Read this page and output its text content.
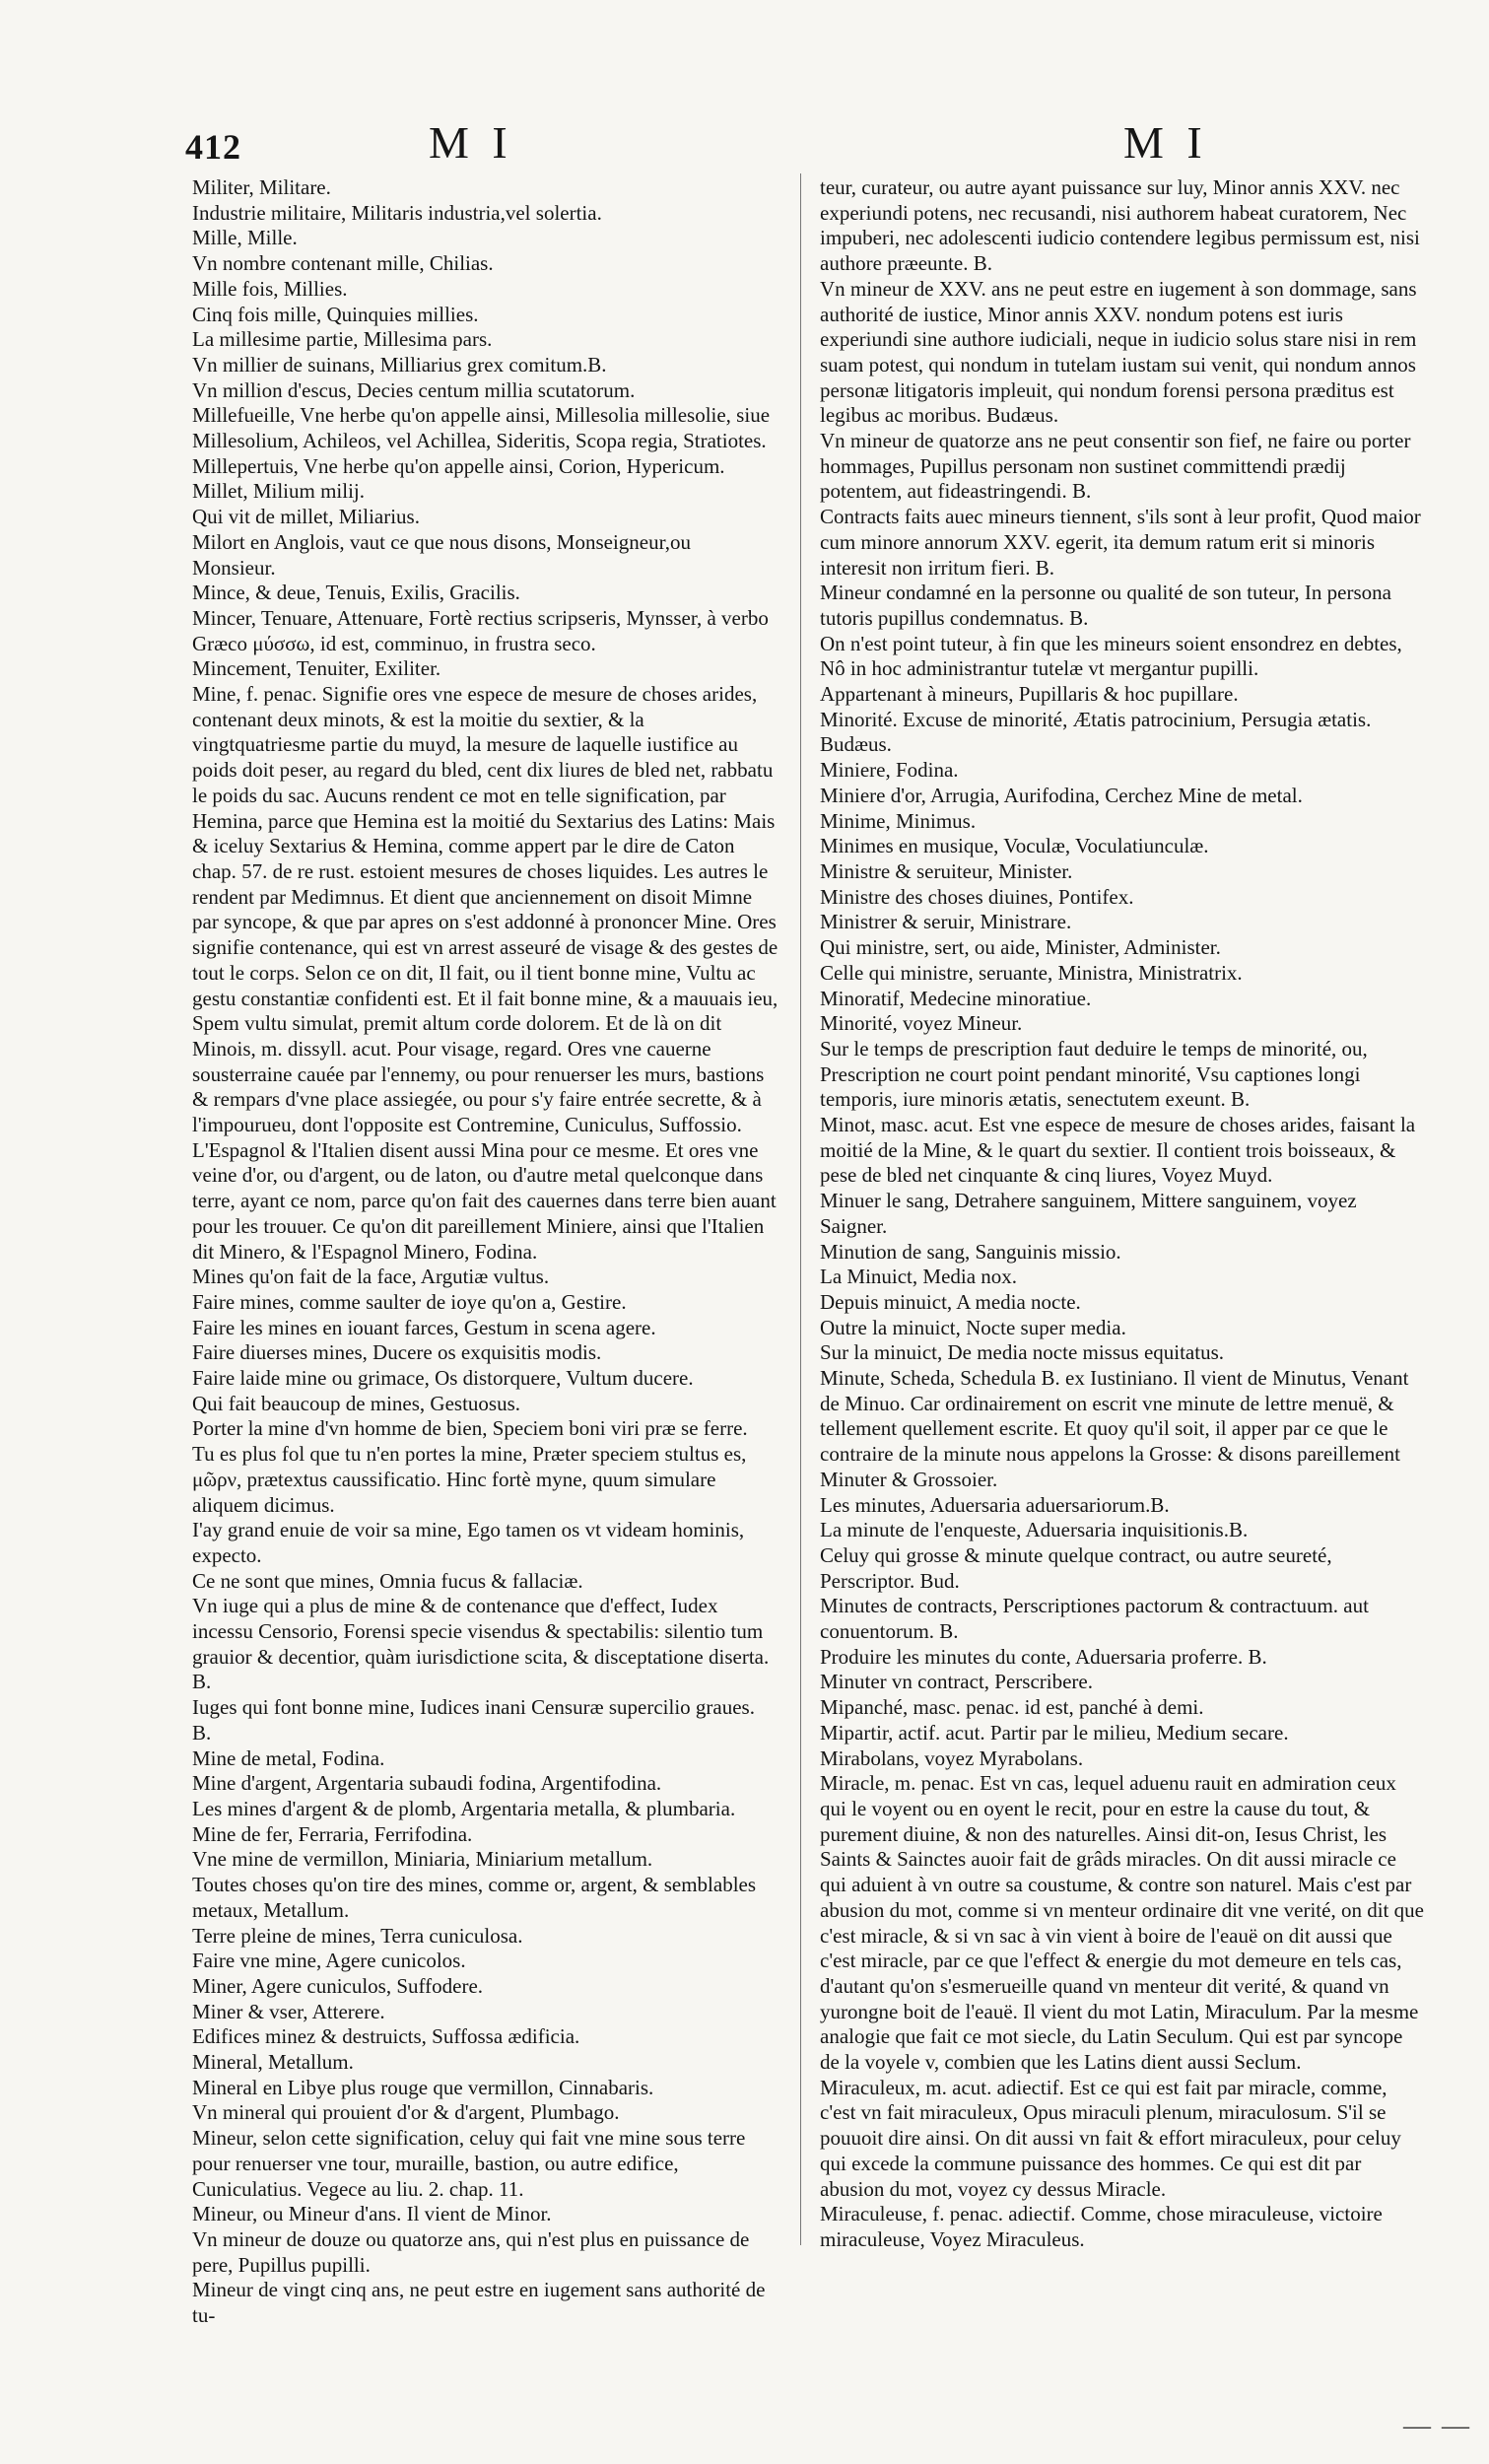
412	M I	M I

Militer, Militare.

Industrie militaire, Militaris industria,vel solertia.

Mille, Mille.

Vn nombre contenant mille, Chilias.

Mille fois, Millies.

Cinq fois mille, Quinquies millies.

La millesime partie, Millesima pars.

Vn millier de suinans, Milliarius grex comitum.B.

Vn million d'escus, Decies centum millia scutatorum.

Millefueille, Vne herbe qu'on appelle ainsi, Millesolia millesolie, siue Millesolium, Achileos, vel Achillea, Sideritis, Scopa regia, Stratiotes.

Millepertuis, Vne herbe qu'on appelle ainsi, Corion, Hypericum.

Millet, Milium milij.

Qui vit de millet, Miliarius.

Milort en Anglois, vaut ce que nous disons, Monseigneur,ou Monsieur.

Mince, & deue, Tenuis, Exilis, Gracilis.

Mincer, Tenuare, Attenuare, Fortè rectius scripseris, Mynsser, à verbo Græco μύσσω, id est, comminuo, in frustra seco.

Mincement, Tenuiter, Exiliter.

Mine, f. penac. Signifie ores vne espece de mesure de choses arides, contenant deux minots, & est la moitie du sextier, & la vingtquatriesme partie du muyd, la mesure de laquelle iustifice au poids doit peser, au regard du bled, cent dix liures de bled net, rabbatu le poids du sac. Aucuns rendent ce mot en telle signification, par Hemina, parce que Hemina est la moitié du Sextarius des Latins: Mais & iceluy Sextarius & Hemina, comme appert par le dire de Caton chap. 57. de re rust. estoient mesures de choses liquides. Les autres le rendent par Medimnus. Et dient que anciennement on disoit Mimne par syncope, & que par apres on s'est addonné à prononcer Mine. Ores signifie contenance, qui est vn arrest asseuré de visage & des gestes de tout le corps. Selon ce on dit, Il fait, ou il tient bonne mine, Vultu ac gestu constantiæ confidenti est. Et il fait bonne mine, & a mauuais ieu, Spem vultu simulat, premit altum corde dolorem. Et de là on dit Minois, m. dissyll. acut. Pour visage, regard. Ores vne cauerne sousterraine cauée par l'ennemy, ou pour renuerser les murs, bastions & rempars d'vne place assiegée, ou pour s'y faire entrée secrette, & à l'impourueu, dont l'opposite est Contremine, Cuniculus, Suffossio. L'Espagnol & l'Italien disent aussi Mina pour ce mesme. Et ores vne veine d'or, ou d'argent, ou de laton, ou d'autre metal quelconque dans terre, ayant ce nom, parce qu'on fait des cauernes dans terre bien auant pour les trouuer. Ce qu'on dit pareillement Miniere, ainsi que l'Italien dit Minero, & l'Espagnol Minero, Fodina.

Mines qu'on fait de la face, Argutiæ vultus.

Faire mines, comme saulter de ioye qu'on a, Gestire.

Faire les mines en iouant farces, Gestum in scena agere.

Faire diuerses mines, Ducere os exquisitis modis.

Faire laide mine ou grimace, Os distorquere, Vultum ducere.

Qui fait beaucoup de mines, Gestuosus.

Porter la mine d'vn homme de bien, Speciem boni viri præ se ferre.

Tu es plus fol que tu n'en portes la mine, Præter speciem stultus es, μῶρν, prætextus caussificatio. Hinc fortè myne, quum simulare aliquem dicimus.

I'ay grand enuie de voir sa mine, Ego tamen os vt videam hominis, expecto.

Ce ne sont que mines, Omnia fucus & fallaciæ.

Vn iuge qui a plus de mine & de contenance que d'effect, Iudex incessu Censorio, Forensi specie visendus & spectabilis: silentio tum grauior & decentior, quàm iurisdictione scita, & disceptatione diserta. B.

Iuges qui font bonne mine, Iudices inani Censuræ supercilio graues. B.

Mine de metal, Fodina.

Mine d'argent, Argentaria subaudi fodina, Argentifodina.

Les mines d'argent & de plomb, Argentaria metalla, & plumbaria.

Mine de fer, Ferraria, Ferrifodina.

Vne mine de vermillon, Miniaria, Miniarium metallum.

Toutes choses qu'on tire des mines, comme or, argent, & semblables metaux, Metallum.

Terre pleine de mines, Terra cuniculosa.

Faire vne mine, Agere cunicolos.

Miner, Agere cuniculos, Suffodere.

Miner & vser, Atterere.

Edifices minez & destruicts, Suffossa ædificia.

Mineral, Metallum.

Mineral en Libye plus rouge que vermillon, Cinnabaris.

Vn mineral qui prouient d'or & d'argent, Plumbago.

Mineur, selon cette signification, celuy qui fait vne mine sous terre pour renuerser vne tour, muraille, bastion, ou autre edifice, Cuniculatius. Vegece au liu. 2. chap. 11.

Mineur, ou Mineur d'ans. Il vient de Minor.

Vn mineur de douze ou quatorze ans, qui n'est plus en puissance de pere, Pupillus pupilli.

Mineur de vingt cinq ans, ne peut estre en iugement sans authorité de tu-

teur, curateur, ou autre ayant puissance sur luy, Minor annis XXV. nec experiundi potens, nec recusandi, nisi authorem habeat curatorem, Nec impuberi, nec adolescenti iudicio contendere legibus permissum est, nisi authore præeunte. B.

Vn mineur de XXV. ans ne peut estre en iugement à son dommage, sans authorité de iustice, Minor annis XXV. nondum potens est iuris experiundi sine authore iudiciali, neque in iudicio solus stare nisi in rem suam potest, qui nondum in tutelam iustam sui venit, qui nondum annos personæ litigatoris impleuit, qui nondum forensi persona præditus est legibus ac moribus. Budæus.

Vn mineur de quatorze ans ne peut consentir son fief, ne faire ou porter hommages, Pupillus personam non sustinet committendi prædij potentem, aut fideastringendi. B.

Contracts faits auec mineurs tiennent, s'ils sont à leur profit, Quod maior cum minore annorum XXV. egerit, ita demum ratum erit si minoris interesit non irritum fieri. B.

Mineur condamné en la personne ou qualité de son tuteur, In persona tutoris pupillus condemnatus. B.

On n'est point tuteur, à fin que les mineurs soient ensondrez en debtes, Nô in hoc administrantur tutelæ vt mergantur pupilli.

Appartenant à mineurs, Pupillaris & hoc pupillare.

Minorité. Excuse de minorité, Ætatis patrocinium, Persugia ætatis. Budæus.

Miniere, Fodina.

Miniere d'or, Arrugia, Aurifodina, Cerchez Mine de metal.

Minime, Minimus.

Minimes en musique, Voculæ, Voculatiunculæ.

Ministre & seruiteur, Minister.

Ministre des choses diuines, Pontifex.

Ministrer & seruir, Ministrare.

Qui ministre, sert, ou aide, Minister, Administer.

Celle qui ministre, seruante, Ministra, Ministratrix.

Minoratif, Medecine minoratiue.

Minorité, voyez Mineur.

Sur le temps de prescription faut deduire le temps de minorité, ou, Prescription ne court point pendant minorité, Vsu captiones longi temporis, iure minoris ætatis, senectutem exeunt. B.

Minot, masc. acut. Est vne espece de mesure de choses arides, faisant la moitié de la Mine, & le quart du sextier. Il contient trois boisseaux, & pese de bled net cinquante & cinq liures, Voyez Muyd.

Minuer le sang, Detrahere sanguinem, Mittere sanguinem, voyez Saigner.

Minution de sang, Sanguinis missio.

La Minuict, Media nox.

Depuis minuict, A media nocte.

Outre la minuict, Nocte super media.

Sur la minuict, De media nocte missus equitatus.

Minute, Scheda, Schedula B. ex Iustiniano. Il vient de Minutus, Venant de Minuo. Car ordinairement on escrit vne minute de lettre menuë, & tellement quellement escrite. Et quoy qu'il soit, il apper par ce que le contraire de la minute nous appelons la Grosse: & disons pareillement Minuter & Grossoier.

Les minutes, Aduersaria aduersariorum.B.

La minute de l'enqueste, Aduersaria inquisitionis.B.

Celuy qui grosse & minute quelque contract, ou autre seureté, Perscriptor. Bud.

Minutes de contracts, Perscriptiones pactorum & contractuum. aut conuentorum. B.

Produire les minutes du conte, Aduersaria proferre. B.

Minuter vn contract, Perscribere.

Mipanché, masc. penac. id est, panché à demi.

Mipartir, actif. acut. Partir par le milieu, Medium secare.

Mirabolans, voyez Myrabolans.

Miracle, m. penac. Est vn cas, lequel aduenu rauit en admiration ceux qui le voyent ou en oyent le recit, pour en estre la cause du tout, & purement diuine, & non des naturelles. Ainsi dit-on, Iesus Christ, les Saints & Sainctes auoir fait de grâds miracles. On dit aussi miracle ce qui aduient à vn outre sa coustume, & contre son naturel. Mais c'est par abusion du mot, comme si vn menteur ordinaire dit vne verité, on dit que c'est miracle, & si vn sac à vin vient à boire de l'eauë on dit aussi que c'est miracle, par ce que l'effect & energie du mot demeure en tels cas, d'autant qu'on s'esmerueille quand vn menteur dit verité, & quand vn yurongne boit de l'eauë. Il vient du mot Latin, Miraculum. Par la mesme analogie que fait ce mot siecle, du Latin Seculum. Qui est par syncope de la voyele v, combien que les Latins dient aussi Seclum.

Miraculeux, m. acut. adiectif. Est ce qui est fait par miracle, comme, c'est vn fait miraculeux, Opus miraculi plenum, miraculosum. S'il se pouuoit dire ainsi. On dit aussi vn fait & effort miraculeux, pour celuy qui excede la commune puissance des hommes. Ce qui est dit par abusion du mot, voyez cy dessus Miracle.

Miraculeuse, f. penac. adiectif. Comme, chose miraculeuse, victoire miraculeuse, Voyez Miraculeus.

— —
